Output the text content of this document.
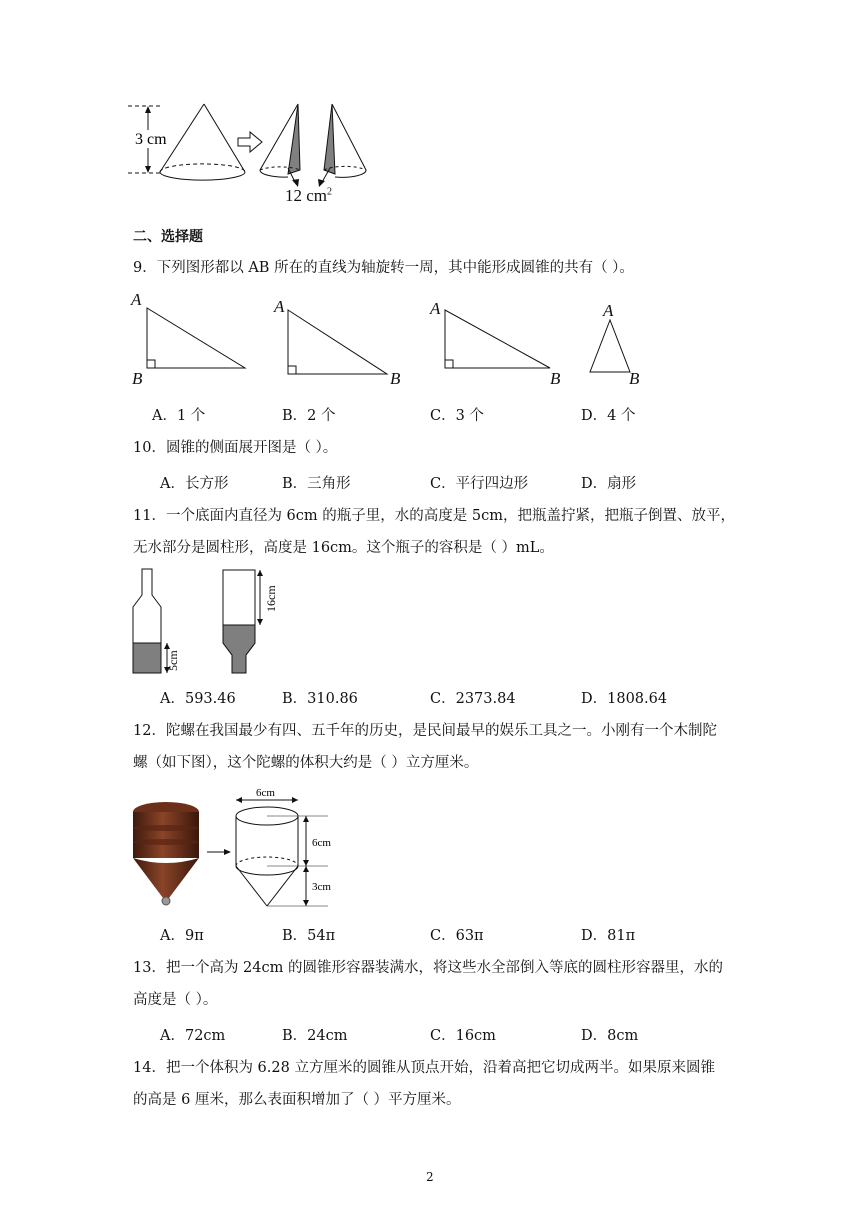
3 cm
12 $cm^2$
二、选择题
9．下列图形都以 AB 所在的直线为轴旋转一周，其中能形成圆锥的共有（ ）。
A
B
A
B
A
B
A
B
A．1 个	B．2 个	C．3 个	D．4 个
10．圆锥的侧面展开图是（ ）。
A．长方形	B．三角形	C．平行四边形	D．扇形
11．一个底面内直径为 6cm 的瓶子里，水的高度是 5cm，把瓶盖拧紧，把瓶子倒置、放平，
无水部分是圆柱形，高度是 16cm。这个瓶子的容积是（ ）mL。
5cm
16cm
A．593.46	B．310.86	C．2373.84	D．1808.64
12．陀螺在我国最少有四、五千年的历史，是民间最早的娱乐工具之一。小刚有一个木制陀
螺（如下图），这个陀螺的体积大约是（ ）立方厘米。
6cm
6cm
3cm
A．9π	B．54π	C．63π	D．81π
13．把一个高为 24cm 的圆锥形容器装满水，将这些水全部倒入等底的圆柱形容器里，水的
高度是（ ）。
A．72cm	B．24cm	C．16cm	D．8cm
14．把一个体积为 6.28 立方厘米的圆锥从顶点开始，沿着高把它切成两半。如果原来圆锥
的高是 6 厘米，那么表面积增加了（ ）平方厘米。
2
